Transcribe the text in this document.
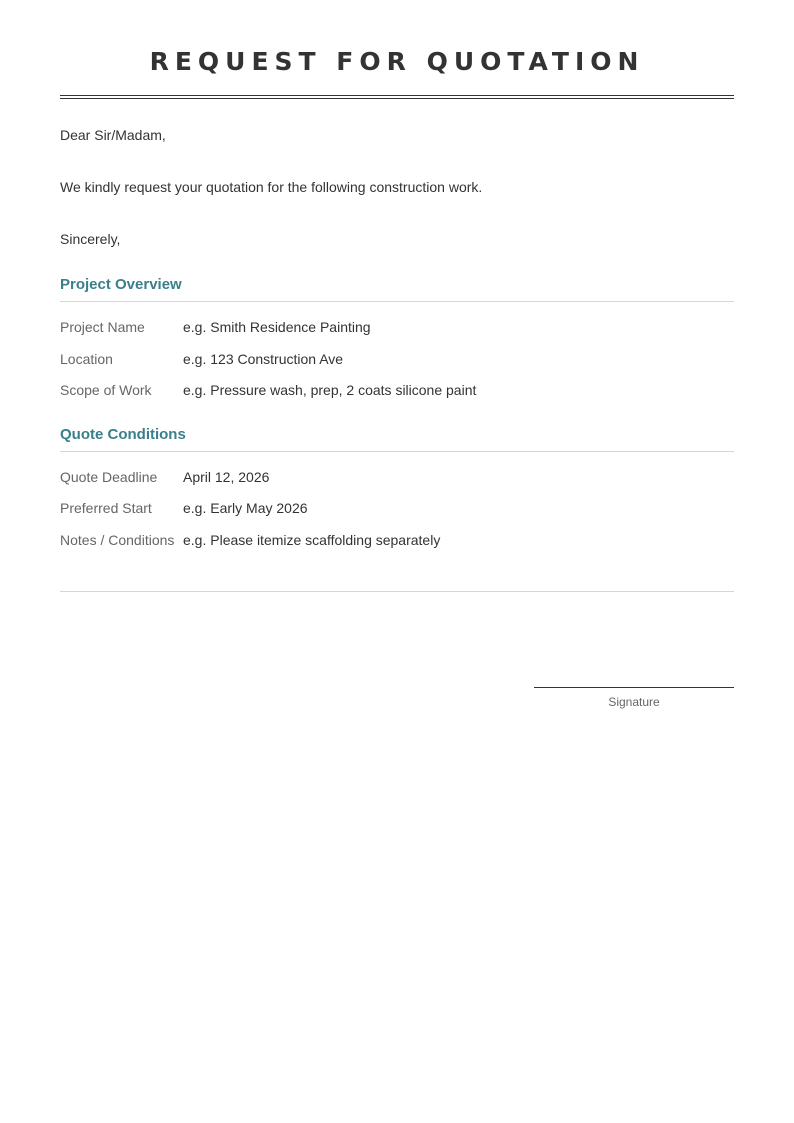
REQUEST FOR QUOTATION
Dear Sir/Madam,
We kindly request your quotation for the following construction work.
Sincerely,
Project Overview
Project Name	e.g. Smith Residence Painting
Location	e.g. 123 Construction Ave
Scope of Work e.g. Pressure wash, prep, 2 coats silicone paint
Quote Conditions
Quote Deadline April 12, 2026
Preferred Start e.g. Early May 2026
Notes / Conditions e.g. Please itemize scaffolding separately
Signature
